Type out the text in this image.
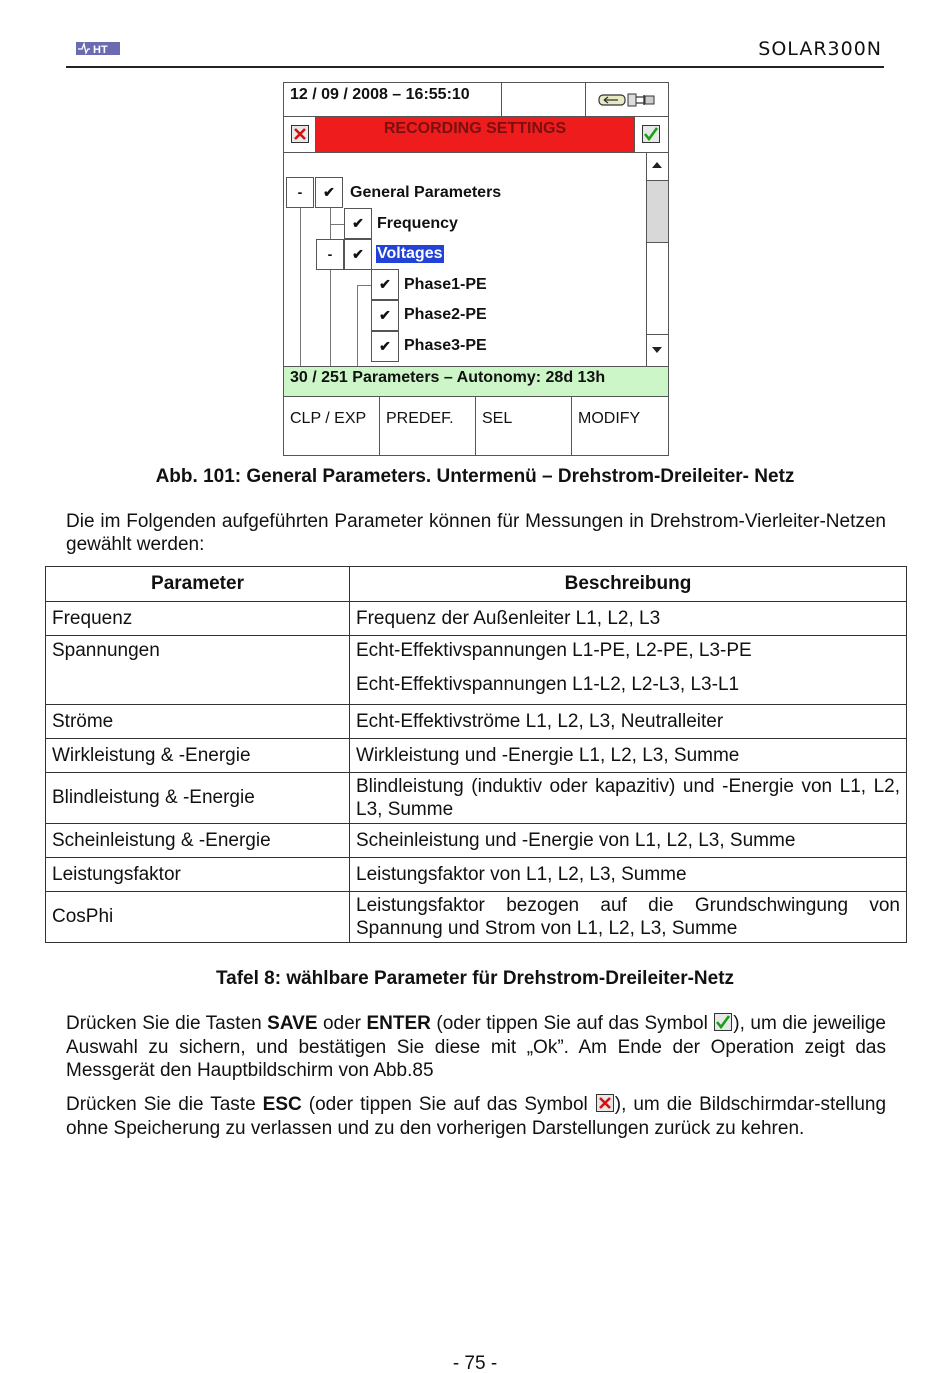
HT	SOLAR300N
12 / 09 / 2008 – 16:55:10
RECORDING SETTINGS
-	✔ General Parameters
✔ Frequency
-	✔ Voltages
✔ Phase1-PE
✔ Phase2-PE
✔ Phase3-PE
30 / 251 Parameters – Autonomy: 28d 13h
CLP / EXP	PREDEF.	SEL	MODIFY
Abb. 101: General Parameters. Untermenü – Drehstrom-Dreileiter- Netz
Die im Folgenden aufgeführten Parameter können für Messungen in Drehstrom-Vierleiter-Netzen gewählt werden:
Parameter	Beschreibung
Frequenz	Frequenz der Außenleiter L1, L2, L3
Spannungen	Echt-Effektivspannungen L1-PE, L2-PE, L3-PE
Echt-Effektivspannungen L1-L2, L2-L3, L3-L1

Ströme	Echt-Effektivströme L1, L2, L3, Neutralleiter
Wirkleistung & -Energie	Wirkleistung und -Energie L1, L2, L3, Summe
Blindleistung & -Energie	Blindleistung (induktiv oder kapazitiv) und -Energie von L1, L2, L3, Summe
Scheinleistung & -Energie	Scheinleistung und -Energie von L1, L2, L3, Summe
Leistungsfaktor	Leistungsfaktor von L1, L2, L3, Summe
CosPhi	Leistungsfaktor bezogen auf die Grundschwingung von Spannung und Strom von L1, L2, L3, Summe
Tafel 8: wählbare Parameter für Drehstrom-Dreileiter-Netz
Drücken Sie die Tasten SAVE oder ENTER (oder tippen Sie auf das Symbol ), um die jeweilige Auswahl zu sichern, und bestätigen Sie diese mit „Ok”. Am Ende der Operation zeigt das Messgerät den Hauptbildschirm von Abb.85
Drücken Sie die Taste ESC (oder tippen Sie auf das Symbol ), um die Bildschirmdar-stellung ohne Speicherung zu verlassen und zu den vorherigen Darstellungen zurück zu kehren.
- 75 -
